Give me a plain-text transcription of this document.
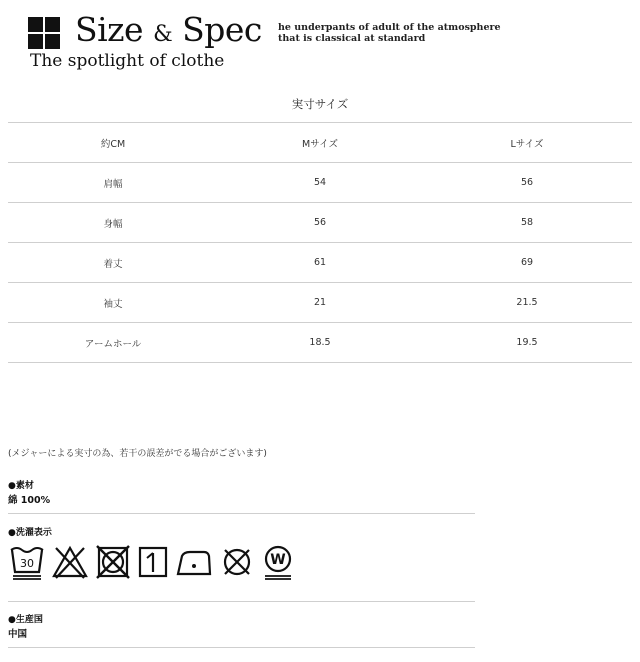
Size & Spec
The spotlight of clothe
he underpants of adult of the atmosphere
that is classical at standard
実寸サイズ
約CM	Mサイズ	Lサイズ
肩幅	54	56
身幅	56	58
着丈	61	69
袖丈	21	21.5
アームホール	18.5	19.5
(メジャーによる実寸の為、若干の誤差がでる場合がございます)
●素材
綿 100%
●洗濯表示
30	W
●生産国
中国
